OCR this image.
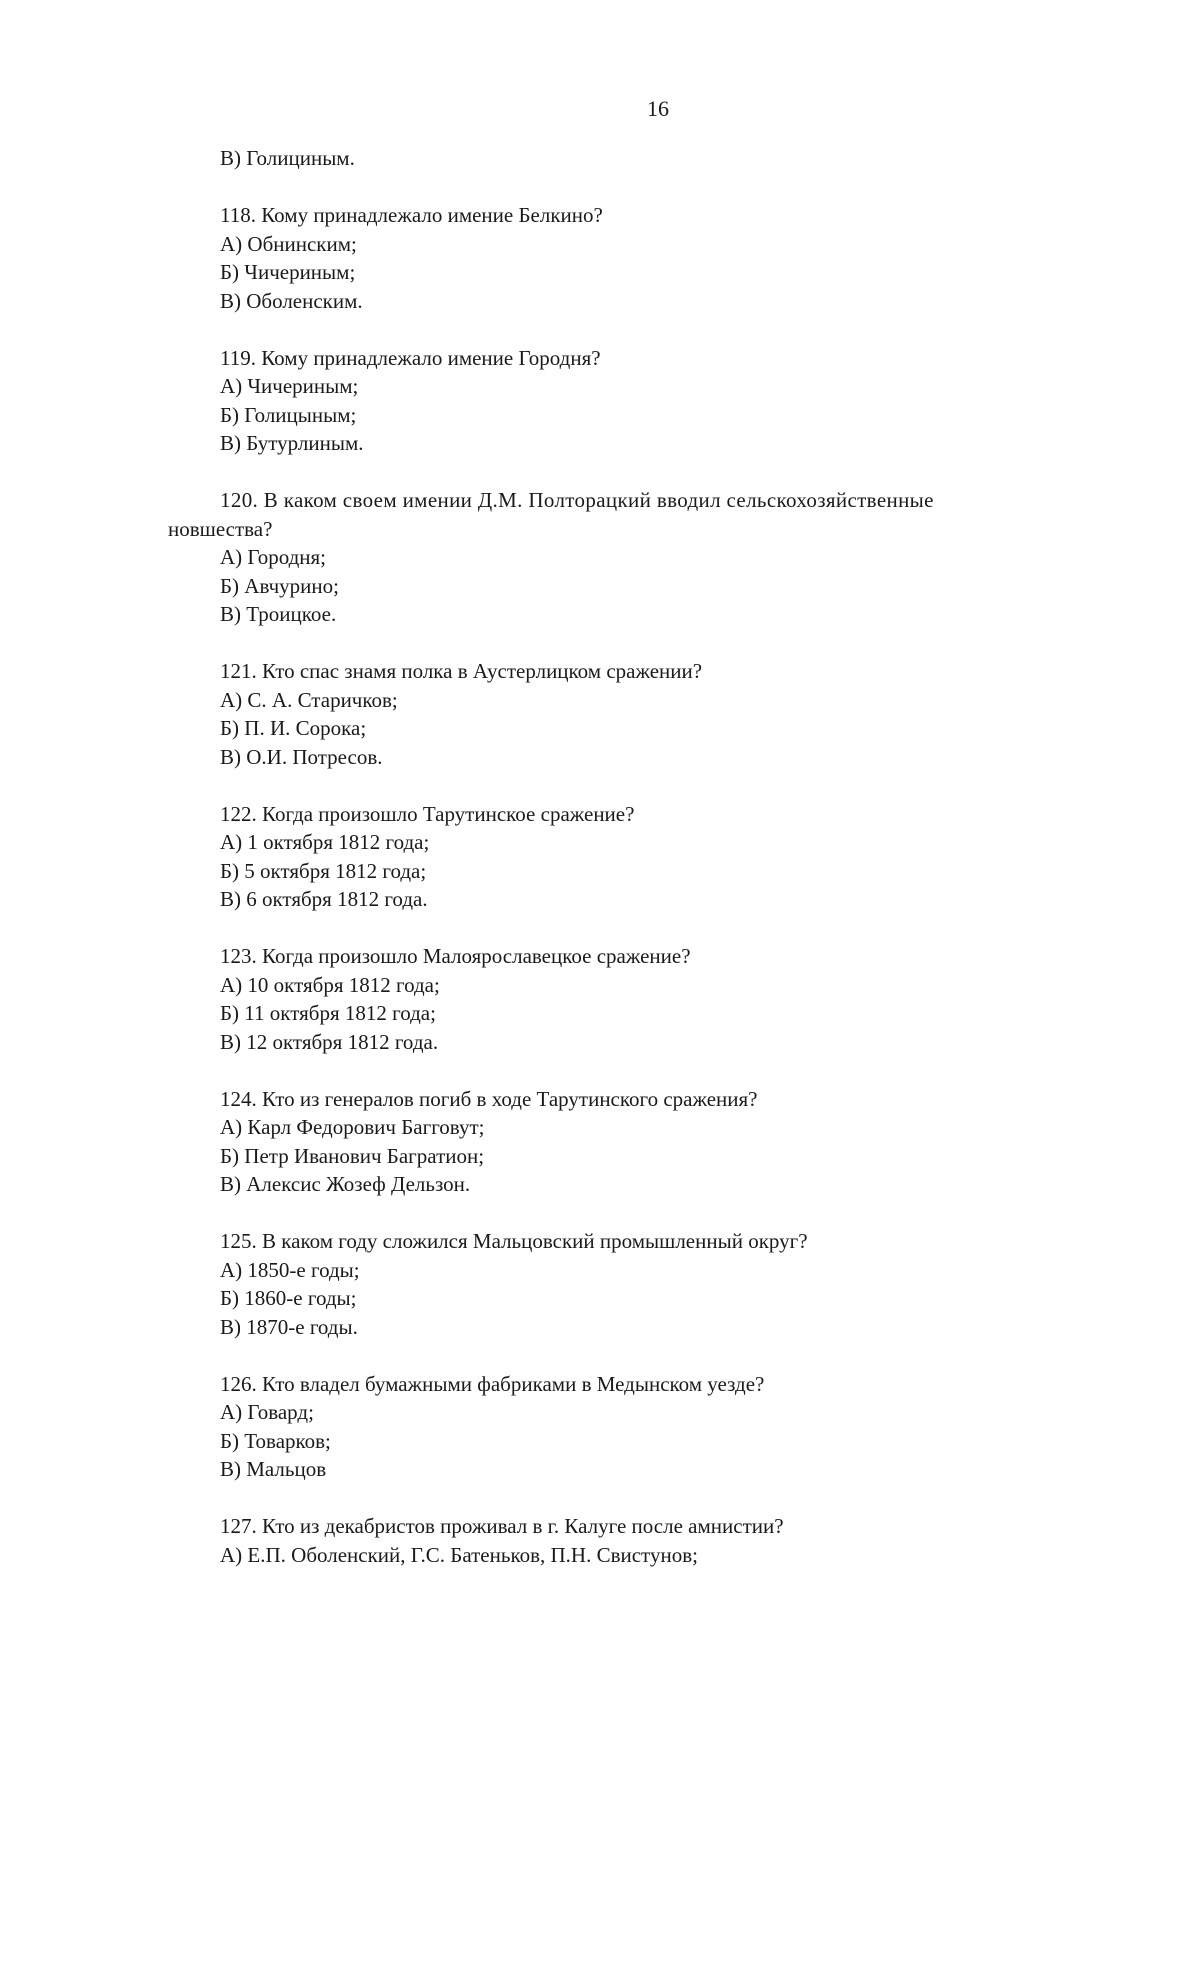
16
В) Голициным.
118. Кому принадлежало имение Белкино?
А) Обнинским;
Б) Чичериным;
В) Оболенским.
119. Кому принадлежало имение Городня?
А) Чичериным;
Б) Голицыным;
В) Бутурлиным.
120. В каком своем имении Д.М. Полторацкий вводил сельскохозяйственные
новшества?
А) Городня;
Б) Авчурино;
В) Троицкое.
121. Кто спас знамя полка в Аустерлицком сражении?
А) С. А. Старичков;
Б) П. И. Сорока;
В) О.И. Потресов.
122. Когда произошло Тарутинское сражение?
А) 1 октября 1812 года;
Б) 5 октября 1812 года;
В) 6 октября 1812 года.
123. Когда произошло Малоярославецкое сражение?
А) 10 октября 1812 года;
Б) 11 октября 1812 года;
В) 12 октября 1812 года.
124. Кто из генералов погиб в ходе Тарутинского сражения?
А) Карл Федорович Багговут;
Б) Петр Иванович Багратион;
В) Алексис Жозеф Дельзон.
125. В каком году сложился Мальцовский промышленный округ?
А) 1850-е годы;
Б) 1860-е годы;
В) 1870-е годы.
126. Кто владел бумажными фабриками в Медынском уезде?
А) Говард;
Б) Товарков;
В) Мальцов
127. Кто из декабристов проживал в г. Калуге после амнистии?
А) Е.П. Оболенский, Г.С. Батеньков, П.Н. Свистунов;
